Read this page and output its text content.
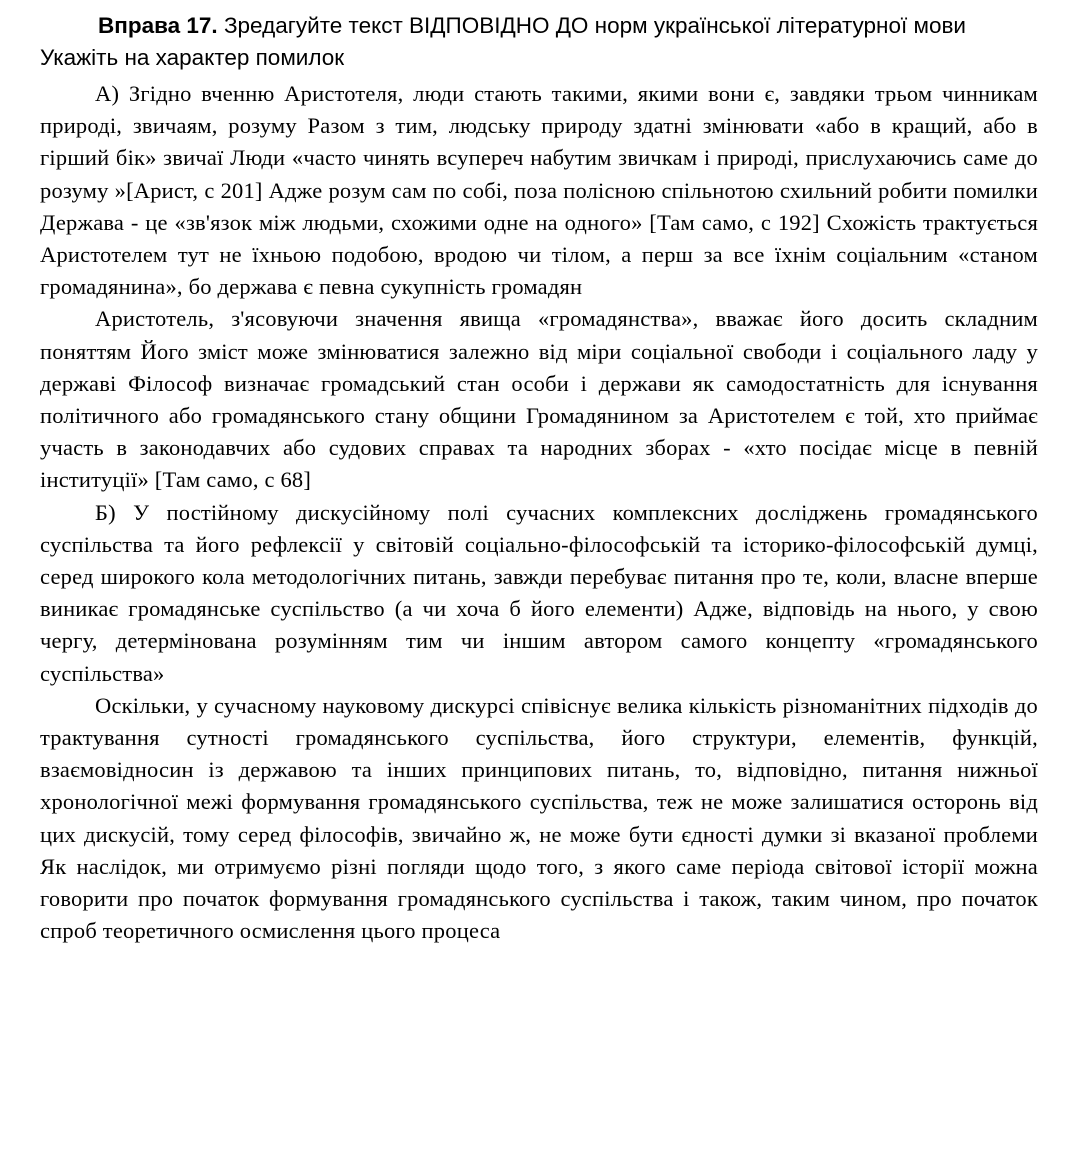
Вправа 17. Зредагуйте текст ВІДПОВІДНО ДО норм української літературної мови Укажіть на характер помилок

А) Згідно вченню Аристотеля, люди стають такими, якими вони є, завдяки трьом чинникам природі, звичаям, розуму Разом з тим, людську природу здатні змінювати «або в кращий, або в гірший бік» звичаї Люди «часто чинять всупереч набутим звичкам і природі, прислухаючись саме до розуму »[Арист, с 201] Адже розум сам по собі, поза полісною спільнотою схильний робити помилки Держава - це «зв'язок між людьми, схожими одне на одного» [Там само, с 192] Схожість трактується Аристотелем тут не їхньою подобою, вродою чи тілом, а перш за все їхнім соціальним «станом громадянина», бо держава є певна сукупність громадян

Аристотель, з'ясовуючи значення явища «громадянства», вважає його досить складним поняттям Його зміст може змінюватися залежно від міри соціальної свободи і соціального ладу у державі Філософ визначає громадський стан особи і держави як самодостатність для існування політичного або громадянського стану общини Громадянином за Аристотелем є той, хто приймає участь в законодавчих або судових справах та народних зборах - «хто посідає місце в певній інституції» [Там само, с 68]

Б) У постійному дискусійному полі сучасних комплексних досліджень громадянського суспільства та його рефлексії у світовій соціально-філософській та історико-філософській думці, серед широкого кола методологічних питань, завжди перебуває питання про те, коли, власне вперше виникає громадянське суспільство (а чи хоча б його елементи) Адже, відповідь на нього, у свою чергу, детермінована розумінням тим чи іншим автором самого концепту «громадянського суспільства»

Оскільки, у сучасному науковому дискурсі співіснує велика кількість різноманітних підходів до трактування сутності громадянського суспільства, його структури, елементів, функцій, взаємовідносин із державою та інших принципових питань, то, відповідно, питання нижньої хронологічної межі формування громадянського суспільства, теж не може залишатися осторонь від цих дискусій, тому серед філософів, звичайно ж, не може бути єдності думки зі вказаної проблеми Як наслідок, ми отримуємо різні погляди щодо того, з якого саме періода світової історії можна говорити про початок формування громадянського суспільства і також, таким чином, про початок спроб теоретичного осмислення цього процеса
